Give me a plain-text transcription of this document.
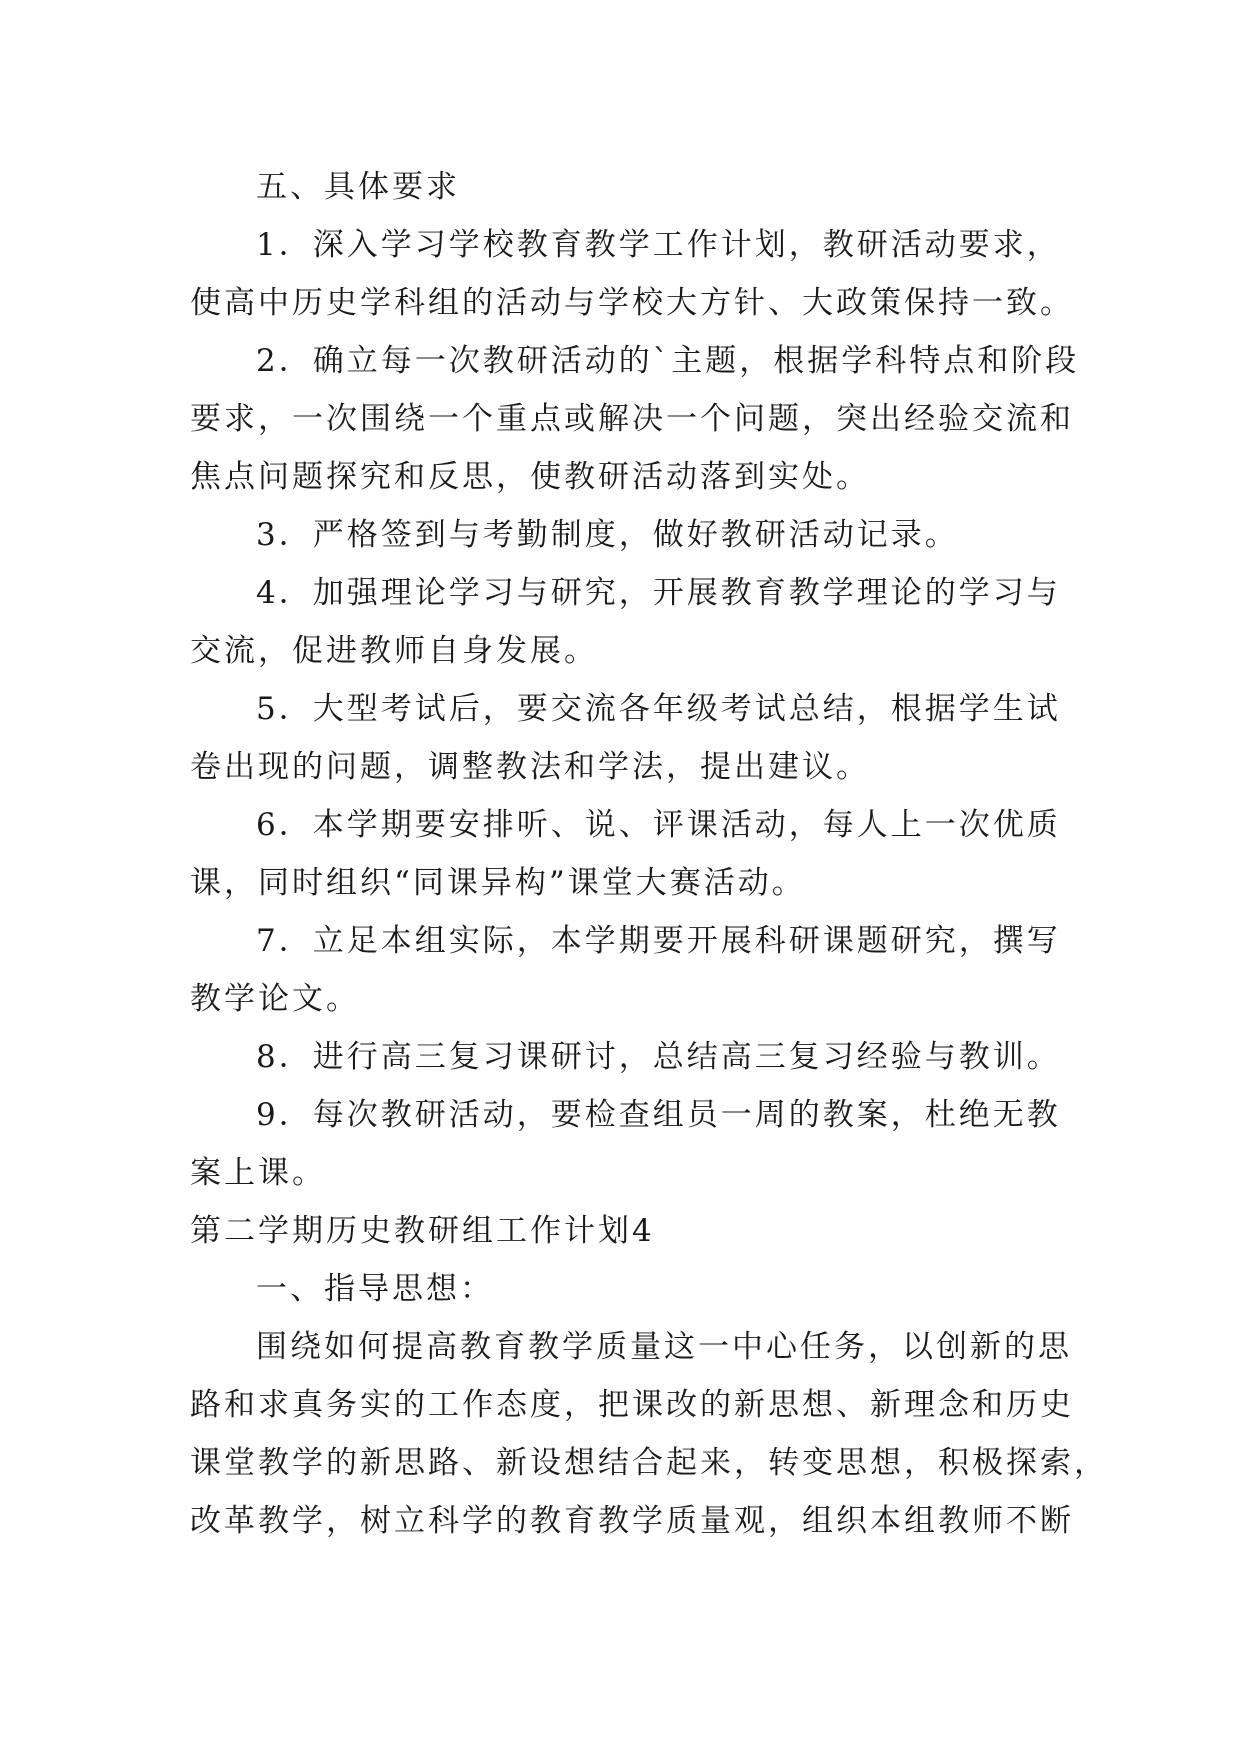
五、具体要求
1．深入学习学校教育教学工作计划，教研活动要求，
使高中历史学科组的活动与学校大方针、大政策保持一致。
2．确立每一次教研活动的`主题，根据学科特点和阶段
要求，一次围绕一个重点或解决一个问题，突出经验交流和
焦点问题探究和反思，使教研活动落到实处。
3．严格签到与考勤制度，做好教研活动记录。
4．加强理论学习与研究，开展教育教学理论的学习与
交流，促进教师自身发展。
5．大型考试后，要交流各年级考试总结，根据学生试
卷出现的问题，调整教法和学法，提出建议。
6．本学期要安排听、说、评课活动，每人上一次优质
课，同时组织“同课异构”课堂大赛活动。
7．立足本组实际，本学期要开展科研课题研究，撰写
教学论文。
8．进行高三复习课研讨，总结高三复习经验与教训。
9．每次教研活动，要检查组员一周的教案，杜绝无教
案上课。
第二学期历史教研组工作计划4
一、指导思想：
围绕如何提高教育教学质量这一中心任务，以创新的思
路和求真务实的工作态度，把课改的新思想、新理念和历史
课堂教学的新思路、新设想结合起来，转变思想，积极探索，
改革教学，树立科学的教育教学质量观，组织本组教师不断
